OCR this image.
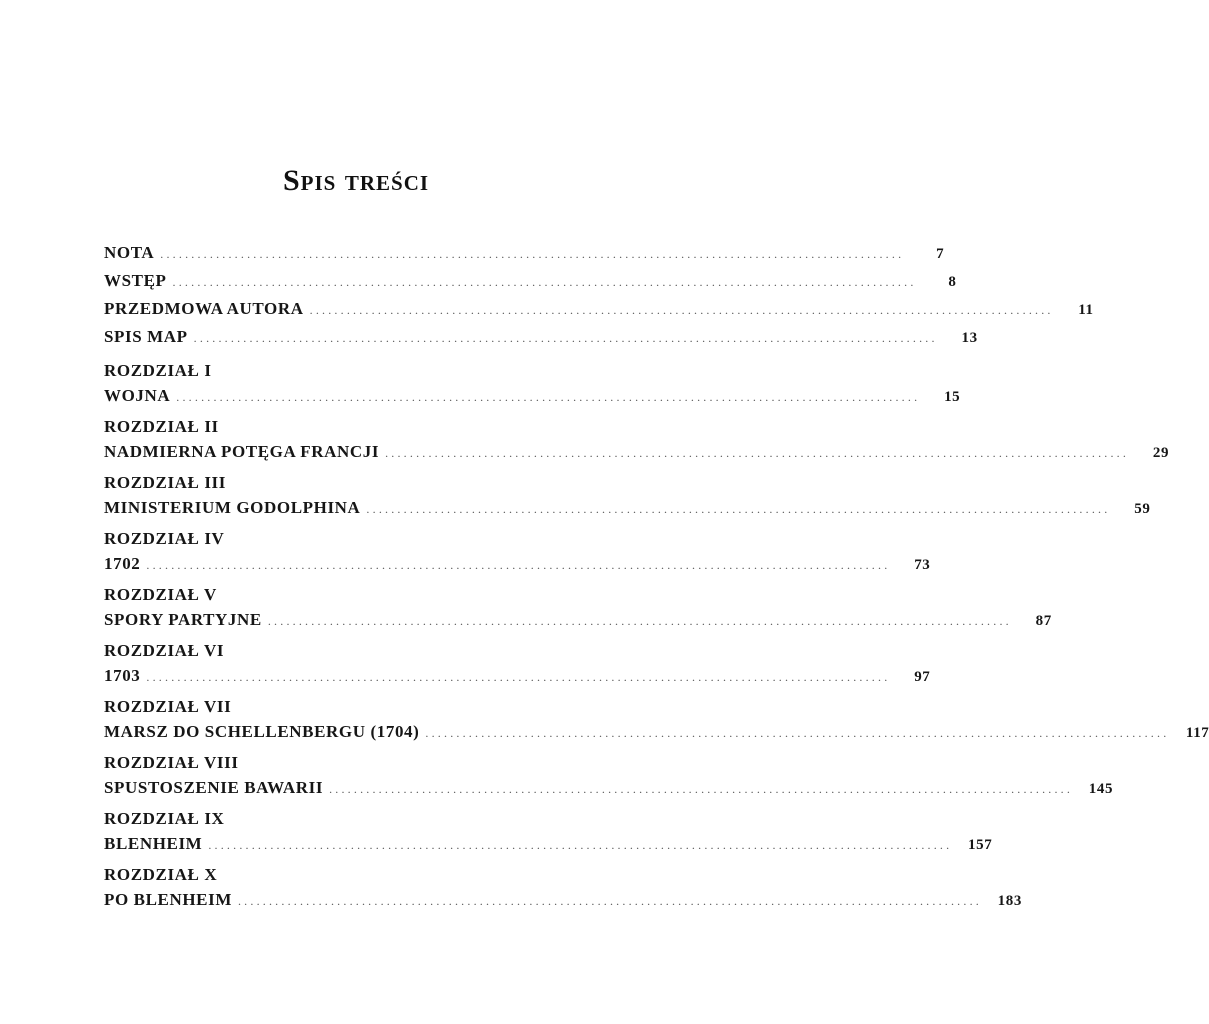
Spis treści
NOTA ........................................................................................................................	7
WSTĘP ........................................................................................................................	8
PRZEDMOWA AUTORA ........................................................................................................................	11
SPIS MAP ........................................................................................................................	13
ROZDZIAŁ I
WOJNA ........................................................................................................................	15
ROZDZIAŁ II
NADMIERNA POTĘGA FRANCJI ........................................................................................................................	29
ROZDZIAŁ III
MINISTERIUM GODOLPHINA ........................................................................................................................	59
ROZDZIAŁ IV
1702 ........................................................................................................................	73
ROZDZIAŁ V
SPORY PARTYJNE ........................................................................................................................	87
ROZDZIAŁ VI
1703 ........................................................................................................................	97
ROZDZIAŁ VII
MARSZ DO SCHELLENBERGU (1704) ........................................................................................................................	117
ROZDZIAŁ VIII
SPUSTOSZENIE BAWARII ........................................................................................................................	145
ROZDZIAŁ IX
BLENHEIM ........................................................................................................................	157
ROZDZIAŁ X
PO BLENHEIM ........................................................................................................................	183
